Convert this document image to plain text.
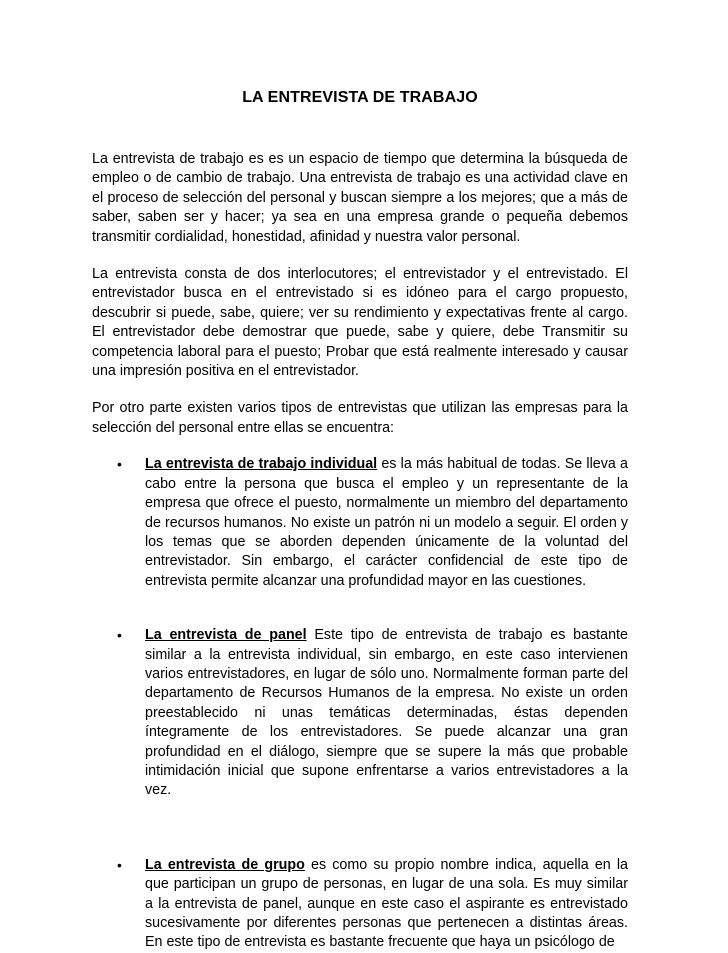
LA ENTREVISTA DE TRABAJO

La entrevista de trabajo es es un espacio de tiempo que determina la búsqueda de empleo o de cambio de trabajo. Una entrevista de trabajo es una actividad clave en el proceso de selección del personal y buscan siempre a los mejores; que a más de saber, saben ser y hacer; ya sea en una empresa grande o pequeña debemos transmitir cordialidad, honestidad, afinidad y nuestra valor personal.

La entrevista consta de dos interlocutores; el entrevistador y el entrevistado. El entrevistador busca en el entrevistado si es idóneo para el cargo propuesto, descubrir si puede, sabe, quiere; ver su rendimiento y expectativas frente al cargo. El entrevistador debe demostrar que puede, sabe y quiere, debe Transmitir su competencia laboral para el puesto; Probar que está realmente interesado y causar una impresión positiva en el entrevistador.

Por otro parte existen varios tipos de entrevistas que utilizan las empresas para la selección del personal entre ellas se encuentra:

• La entrevista de trabajo individual es la más habitual de todas. Se lleva a cabo entre la persona que busca el empleo y un representante de la empresa que ofrece el puesto, normalmente un miembro del departamento de recursos humanos. No existe un patrón ni un modelo a seguir. El orden y los temas que se aborden dependen únicamente de la voluntad del entrevistador. Sin embargo, el carácter confidencial de este tipo de entrevista permite alcanzar una profundidad mayor en las cuestiones.
• La entrevista de panel Este tipo de entrevista de trabajo es bastante similar a la entrevista individual, sin embargo, en este caso intervienen varios entrevistadores, en lugar de sólo uno. Normalmente forman parte del departamento de Recursos Humanos de la empresa. No existe un orden preestablecido ni unas temáticas determinadas, éstas dependen íntegramente de los entrevistadores. Se puede alcanzar una gran profundidad en el diálogo, siempre que se supere la más que probable intimidación inicial que supone enfrentarse a varios entrevistadores a la vez.
• La entrevista de grupo es como su propio nombre indica, aquella en la que participan un grupo de personas, en lugar de una sola. Es muy similar a la entrevista de panel, aunque en este caso el aspirante es entrevistado sucesivamente por diferentes personas que pertenecen a distintas áreas. En este tipo de entrevista es bastante frecuente que haya un psicólogo de
